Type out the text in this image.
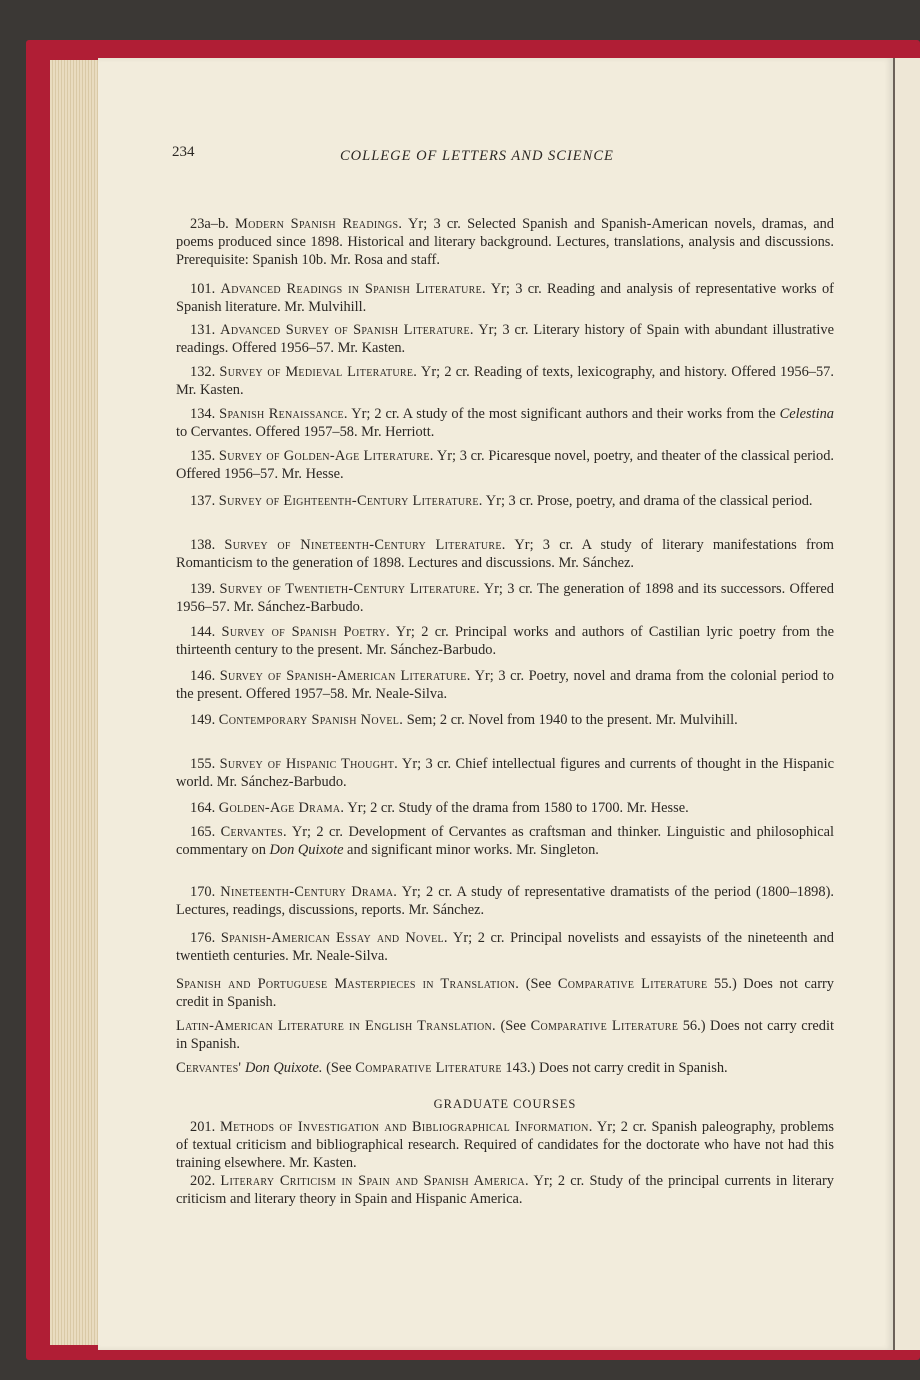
234	COLLEGE OF LETTERS AND SCIENCE
23a–b. Modern Spanish Readings. Yr; 3 cr. Selected Spanish and Spanish-American novels, dramas, and poems produced since 1898. Historical and literary background. Lectures, translations, analysis and discussions. Prerequisite: Spanish 10b. Mr. Rosa and staff.
101. Advanced Readings in Spanish Literature. Yr; 3 cr. Reading and analysis of representative works of Spanish literature. Mr. Mulvihill.
131. Advanced Survey of Spanish Literature. Yr; 3 cr. Literary history of Spain with abundant illustrative readings. Offered 1956–57. Mr. Kasten.
132. Survey of Medieval Literature. Yr; 2 cr. Reading of texts, lexicography, and history. Offered 1956–57. Mr. Kasten.
134. Spanish Renaissance. Yr; 2 cr. A study of the most significant authors and their works from the Celestina to Cervantes. Offered 1957–58. Mr. Herriott.
135. Survey of Golden-Age Literature. Yr; 3 cr. Picaresque novel, poetry, and theater of the classical period. Offered 1956–57. Mr. Hesse.
137. Survey of Eighteenth-Century Literature. Yr; 3 cr. Prose, poetry, and drama of the classical period.
138. Survey of Nineteenth-Century Literature. Yr; 3 cr. A study of literary manifestations from Romanticism to the generation of 1898. Lectures and discussions. Mr. Sánchez.
139. Survey of Twentieth-Century Literature. Yr; 3 cr. The generation of 1898 and its successors. Offered 1956–57. Mr. Sánchez-Barbudo.
144. Survey of Spanish Poetry. Yr; 2 cr. Principal works and authors of Castilian lyric poetry from the thirteenth century to the present. Mr. Sánchez-Barbudo.
146. Survey of Spanish-American Literature. Yr; 3 cr. Poetry, novel and drama from the colonial period to the present. Offered 1957–58. Mr. Neale-Silva.
149. Contemporary Spanish Novel. Sem; 2 cr. Novel from 1940 to the present. Mr. Mulvihill.
155. Survey of Hispanic Thought. Yr; 3 cr. Chief intellectual figures and currents of thought in the Hispanic world. Mr. Sánchez-Barbudo.
164. Golden-Age Drama. Yr; 2 cr. Study of the drama from 1580 to 1700. Mr. Hesse.
165. Cervantes. Yr; 2 cr. Development of Cervantes as craftsman and thinker. Linguistic and philosophical commentary on Don Quixote and significant minor works. Mr. Singleton.
170. Nineteenth-Century Drama. Yr; 2 cr. A study of representative dramatists of the period (1800–1898). Lectures, readings, discussions, reports. Mr. Sánchez.
176. Spanish-American Essay and Novel. Yr; 2 cr. Principal novelists and essayists of the nineteenth and twentieth centuries. Mr. Neale-Silva.
Spanish and Portuguese Masterpieces in Translation. (See Comparative Literature 55.) Does not carry credit in Spanish.
Latin-American Literature in English Translation. (See Comparative Literature 56.) Does not carry credit in Spanish.
Cervantes' Don Quixote. (See Comparative Literature 143.) Does not carry credit in Spanish.
GRADUATE COURSES
201. Methods of Investigation and Bibliographical Information. Yr; 2 cr. Spanish paleography, problems of textual criticism and bibliographical research. Required of candidates for the doctorate who have not had this training elsewhere. Mr. Kasten.
202. Literary Criticism in Spain and Spanish America. Yr; 2 cr. Study of the principal currents in literary criticism and literary theory in Spain and Hispanic America.
